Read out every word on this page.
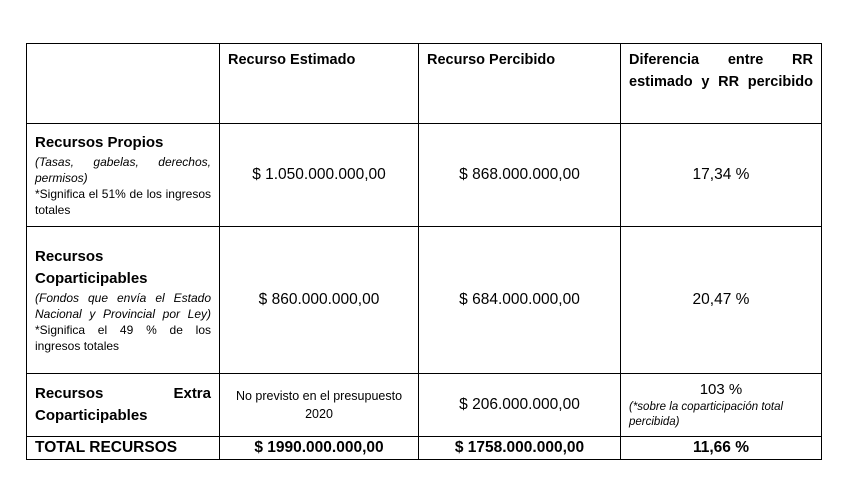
	Recurso Estimado	Recurso Percibido	Diferencia entre RR estimado y RR percibido

Recursos Propios
(Tasas, gabelas, derechos, permisos)
*Significa el 51% de los ingresos totales	$ 1.050.000.000,00	$ 868.000.000,00	17,34 %

Recursos Coparticipables
(Fondos que envía el Estado Nacional y Provincial por Ley)
*Significa el 49 % de los ingresos totales	$ 860.000.000,00	$ 684.000.000,00	20,47 %

Recursos Extra Coparticipables	No previsto en el presupuesto 2020	$ 206.000.000,00	103 %
(*sobre la coparticipación total percibida)

TOTAL RECURSOS	$ 1990.000.000,00	$ 1758.000.000,00	11,66 %
